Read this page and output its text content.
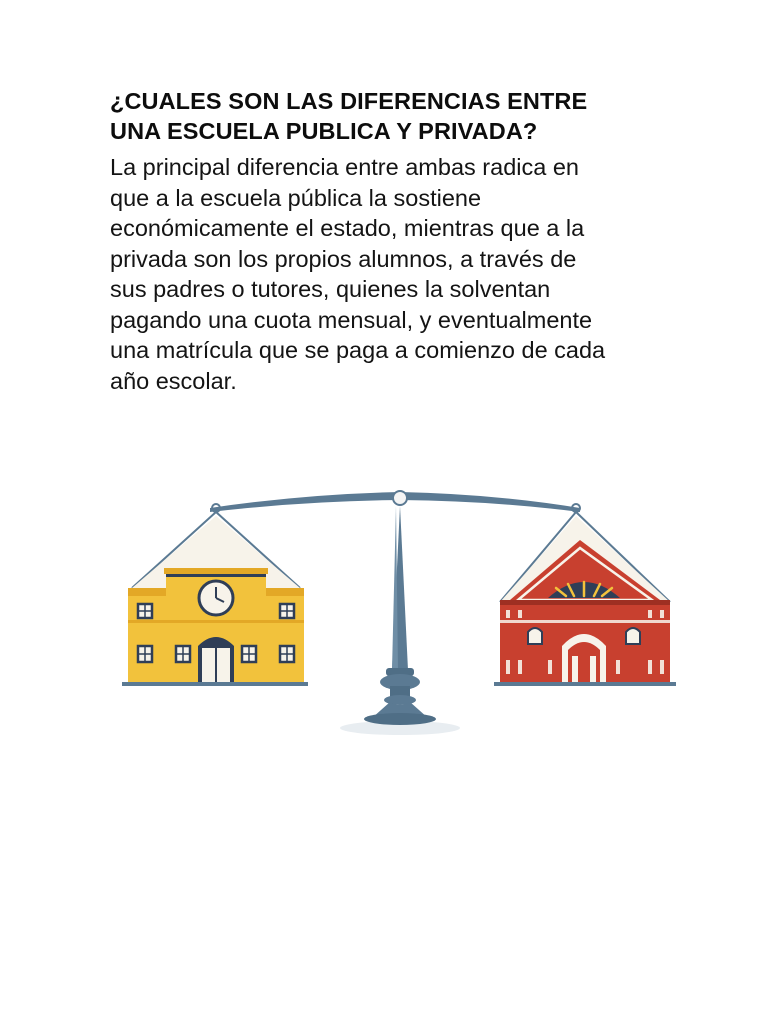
¿CUALES SON LAS DIFERENCIAS ENTRE
UNA ESCUELA PUBLICA Y PRIVADA?

La principal diferencia entre ambas radica en
que a la escuela pública la sostiene
económicamente el estado, mientras que a la
privada son los propios alumnos, a través de
sus padres o tutores, quienes la solventan
pagando una cuota mensual, y eventualmente
una matrícula que se paga a comienzo de cada
año escolar.
